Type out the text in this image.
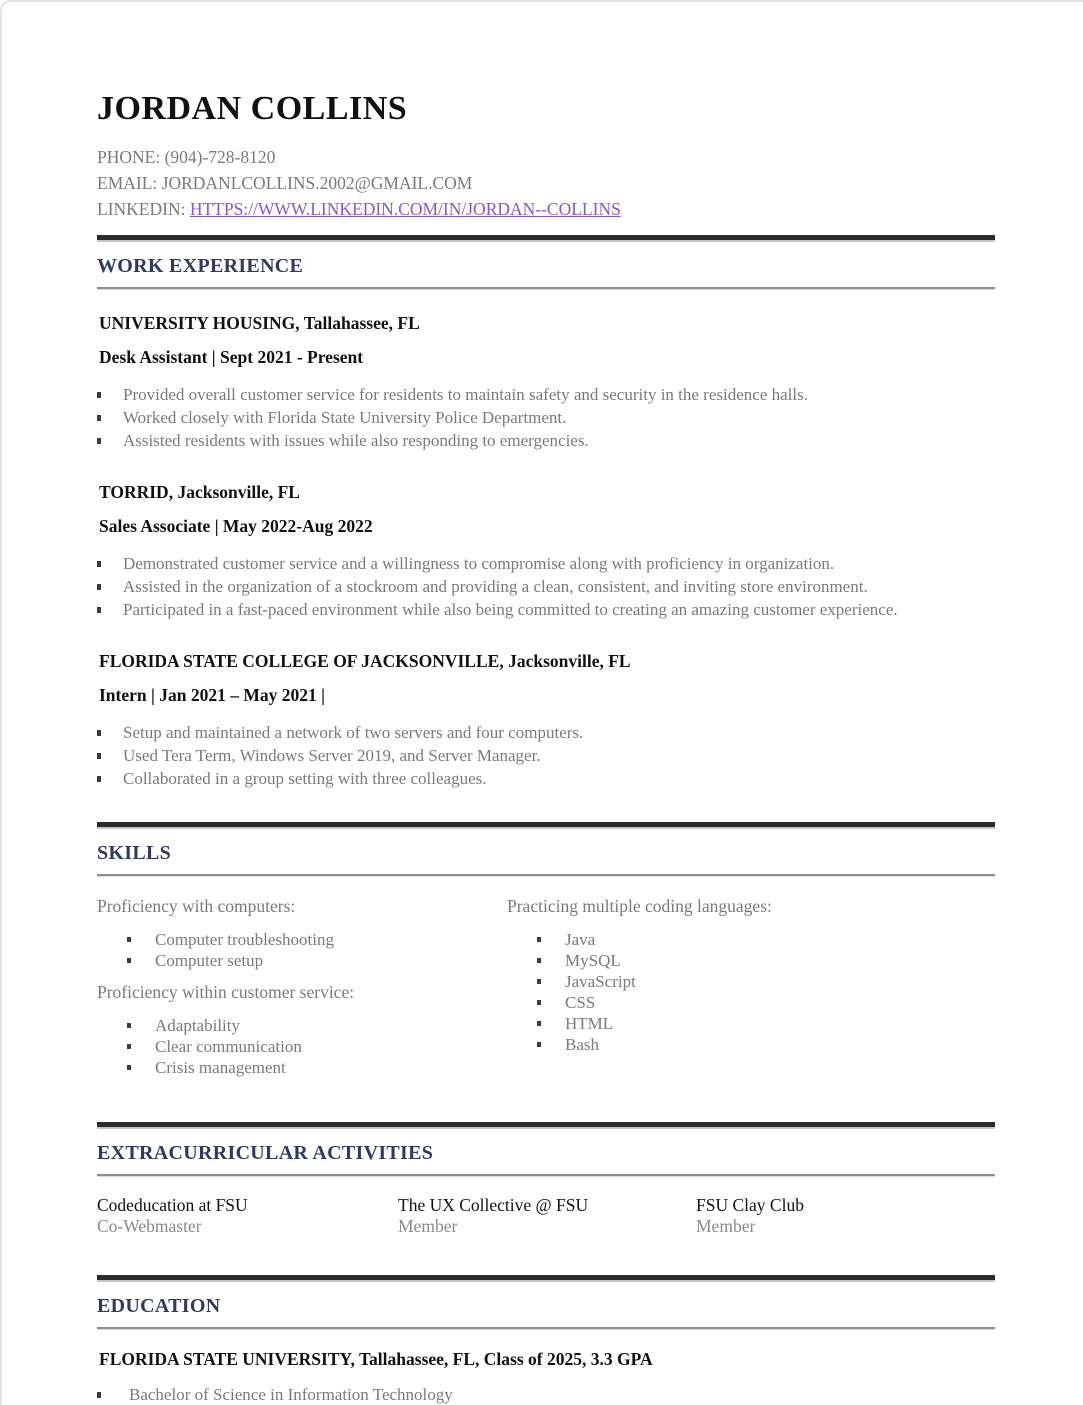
JORDAN COLLINS
PHONE: (904)-728-8120
EMAIL: JORDANLCOLLINS.2002@GMAIL.COM
LINKEDIN: HTTPS://WWW.LINKEDIN.COM/IN/JORDAN--COLLINS
WORK EXPERIENCE
UNIVERSITY HOUSING, Tallahassee, FL
Desk Assistant | Sept 2021 - Present
Provided overall customer service for residents to maintain safety and security in the residence halls.
Worked closely with Florida State University Police Department.
Assisted residents with issues while also responding to emergencies.
TORRID, Jacksonville, FL
Sales Associate | May 2022-Aug 2022
Demonstrated customer service and a willingness to compromise along with proficiency in organization.
Assisted in the organization of a stockroom and providing a clean, consistent, and inviting store environment.
Participated in a fast-paced environment while also being committed to creating an amazing customer experience.
FLORIDA STATE COLLEGE OF JACKSONVILLE, Jacksonville, FL
Intern | Jan 2021 – May 2021 |
Setup and maintained a network of two servers and four computers.
Used Tera Term, Windows Server 2019, and Server Manager.
Collaborated in a group setting with three colleagues.
SKILLS
Proficiency with computers:
Computer troubleshooting
Computer setup
Proficiency within customer service:
Adaptability
Clear communication
Crisis management
Practicing multiple coding languages:
Java
MySQL
JavaScript
CSS
HTML
Bash
EXTRACURRICULAR ACTIVITIES
Codeducation at FSU
Co-Webmaster
The UX Collective @ FSU
Member
FSU Clay Club
Member
EDUCATION
FLORIDA STATE UNIVERSITY, Tallahassee, FL, Class of 2025, 3.3 GPA
Bachelor of Science in Information Technology
